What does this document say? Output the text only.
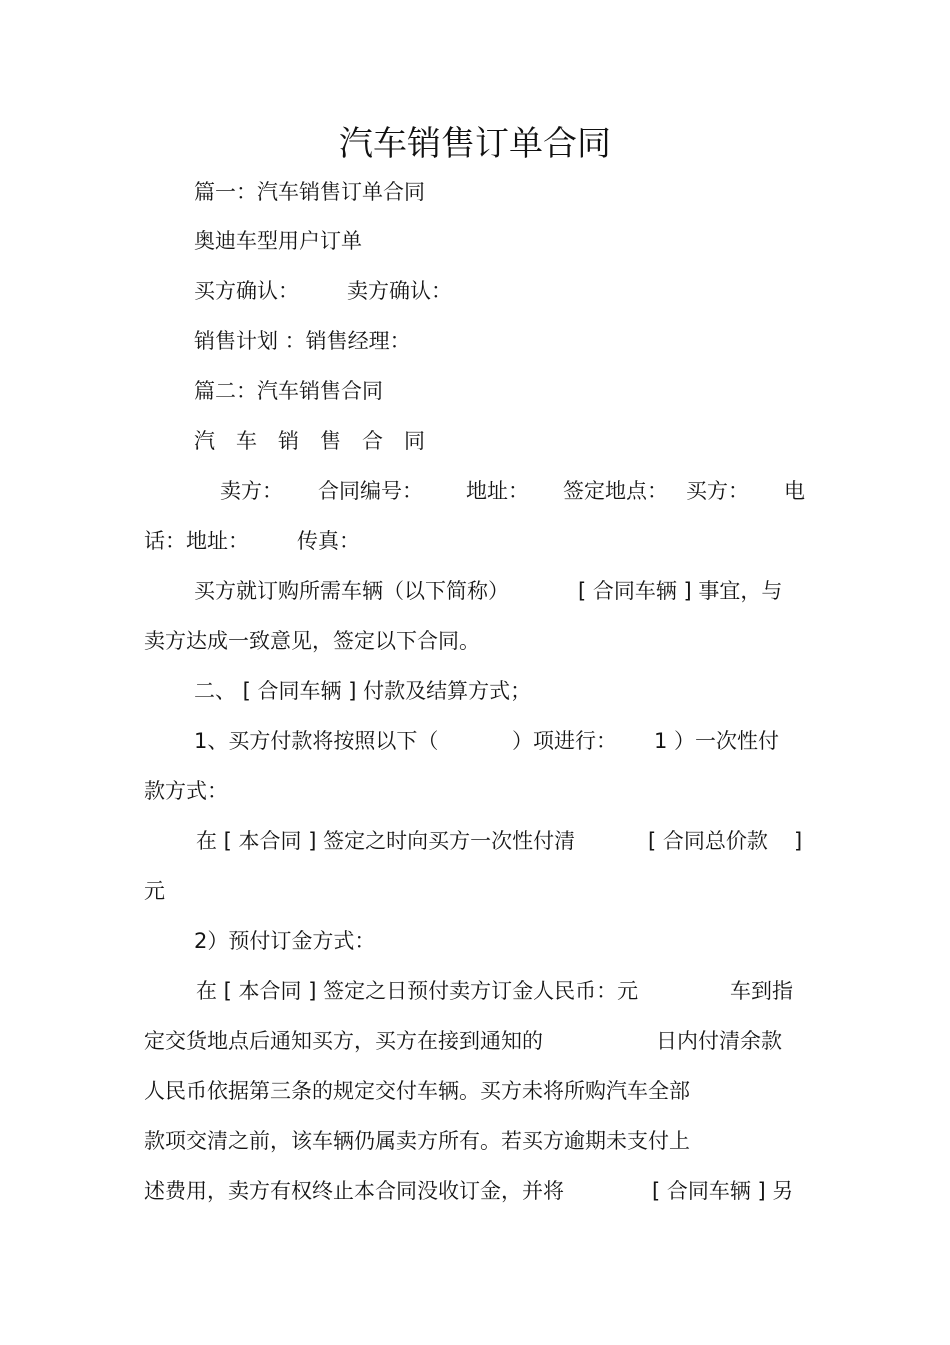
汽车销售订单合同
篇一：汽车销售订单合同
奥迪车型用户订单
买方确认： 卖方确认：
销售计划 ：销售经理：
篇二：汽车销售合同
汽　车　销　售　合　同
卖方： 合同编号： 地址： 签定地点： 买方： 电
话：地址： 传真：
买方就订购所需车辆（以下简称）	[ 合同车辆 ] 事宜，与
卖方达成一致意见，签定以下合同。
二、 [ 合同车辆 ] 付款及结算方式；
1、买方付款将按照以下（	）项进行： 1 ）一次性付
款方式：
在 [ 本合同 ] 签定之时向买方一次性付清	[ 合同总价款 ]
元
2）预付订金方式：
在 [ 本合同 ] 签定之日预付卖方订金人民币：元	车到指
定交货地点后通知买方，买方在接到通知的	日内付清余款
人民币依据第三条的规定交付车辆。买方未将所购汽车全部
款项交清之前，该车辆仍属卖方所有。若买方逾期未支付上
述费用，卖方有权终止本合同没收订金，并将	[ 合同车辆 ] 另
